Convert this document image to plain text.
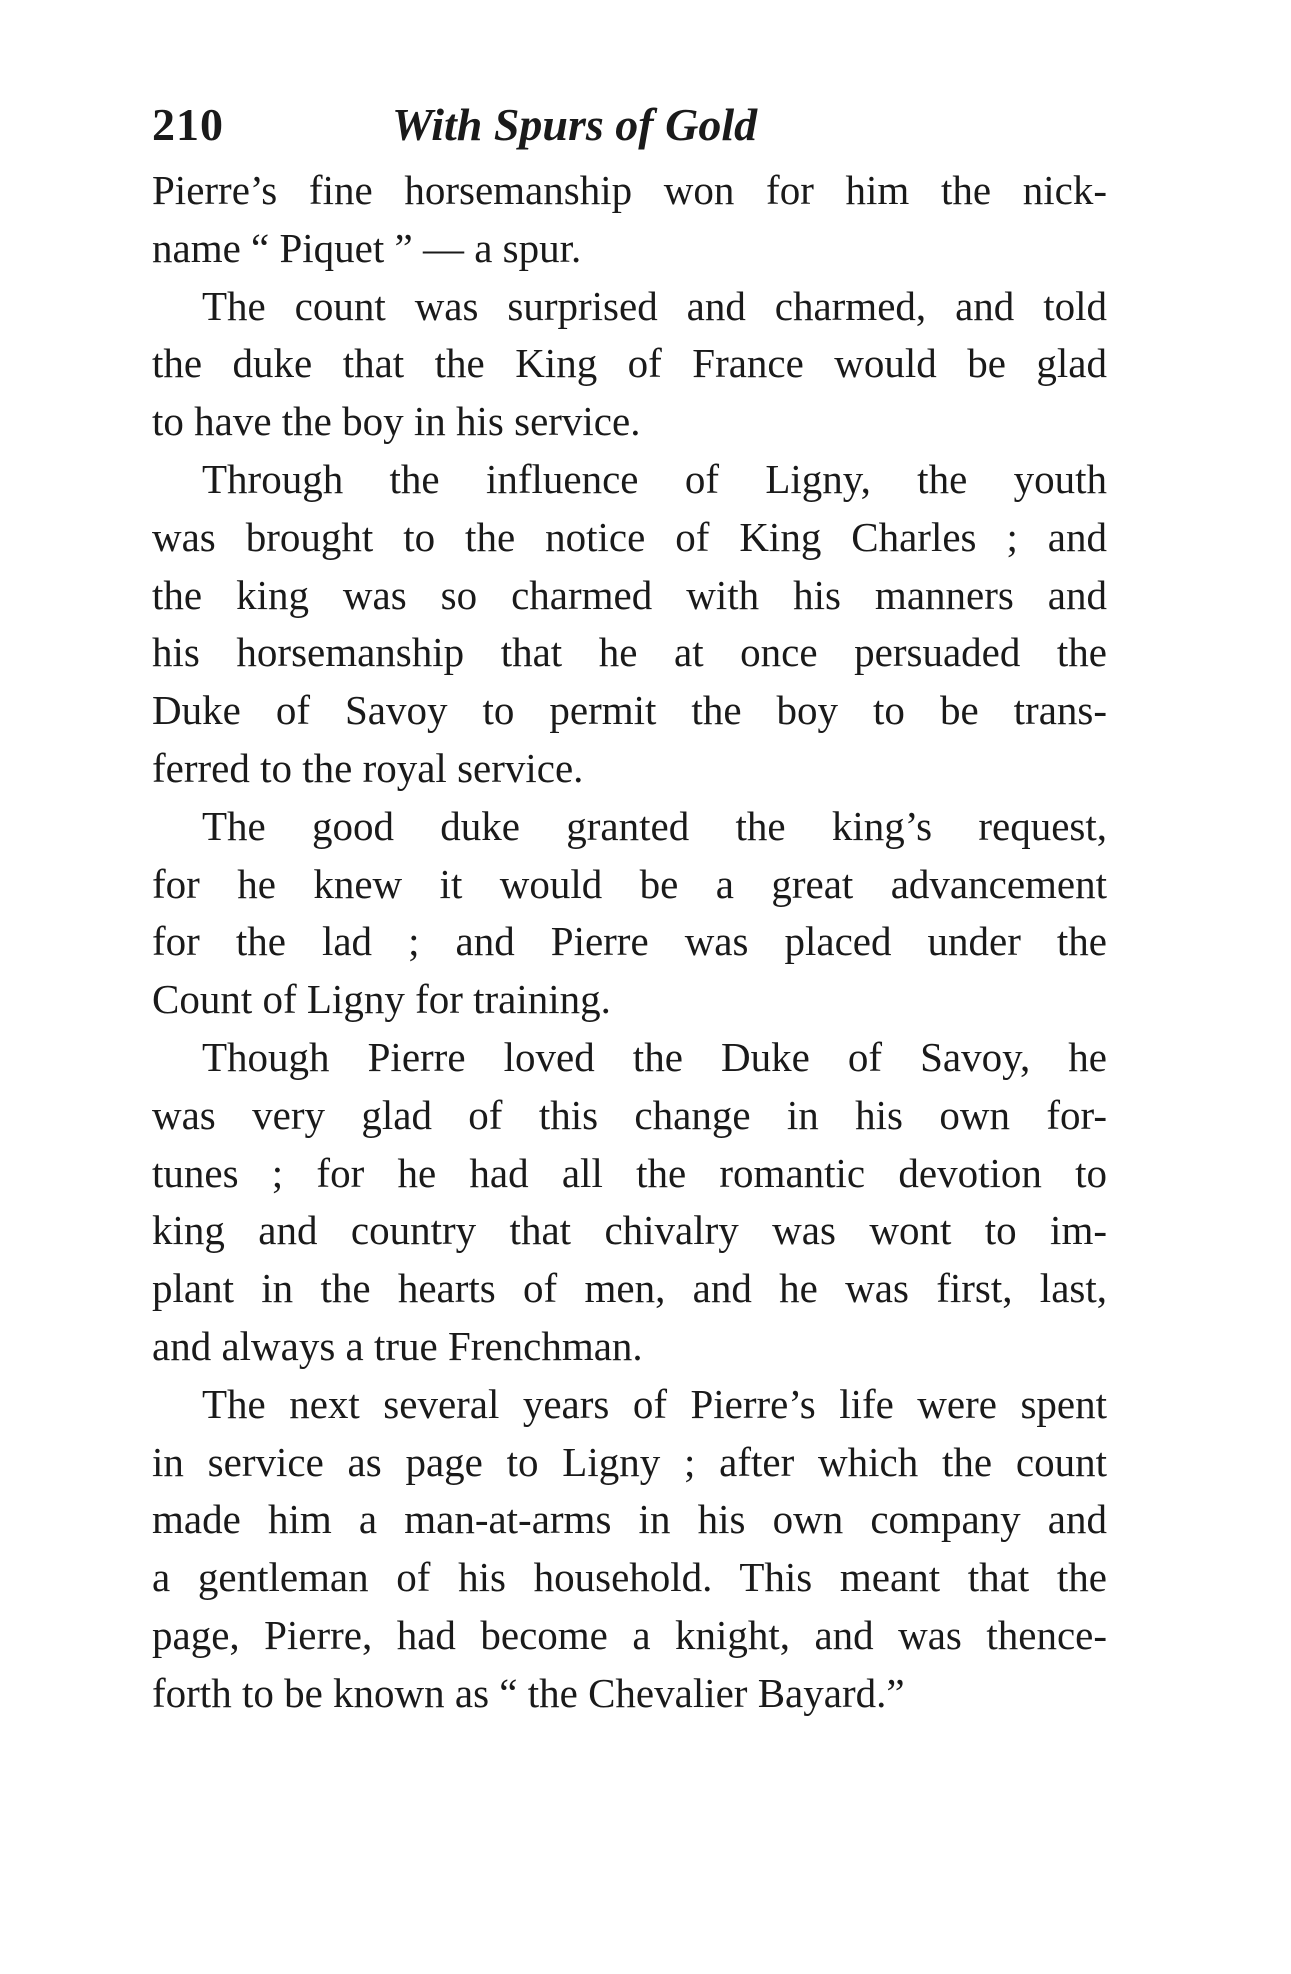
210	With Spurs of Gold
Pierre’s fine horsemanship won for him the nick-
name “ Piquet ” — a spur.
The count was surprised and charmed, and told
the duke that the King of France would be glad
to have the boy in his service.
Through the influence of Ligny, the youth
was brought to the notice of King Charles ; and
the king was so charmed with his manners and
his horsemanship that he at once persuaded the
Duke of Savoy to permit the boy to be trans-
ferred to the royal service.
The good duke granted the king’s request,
for he knew it would be a great advancement
for the lad ; and Pierre was placed under the
Count of Ligny for training.
Though Pierre loved the Duke of Savoy, he
was very glad of this change in his own for-
tunes ; for he had all the romantic devotion to
king and country that chivalry was wont to im-
plant in the hearts of men, and he was first, last,
and always a true Frenchman.
The next several years of Pierre’s life were spent
in service as page to Ligny ; after which the count
made him a man-at-arms in his own company and
a gentleman of his household. This meant that the
page, Pierre, had become a knight, and was thence-
forth to be known as “ the Chevalier Bayard.”
